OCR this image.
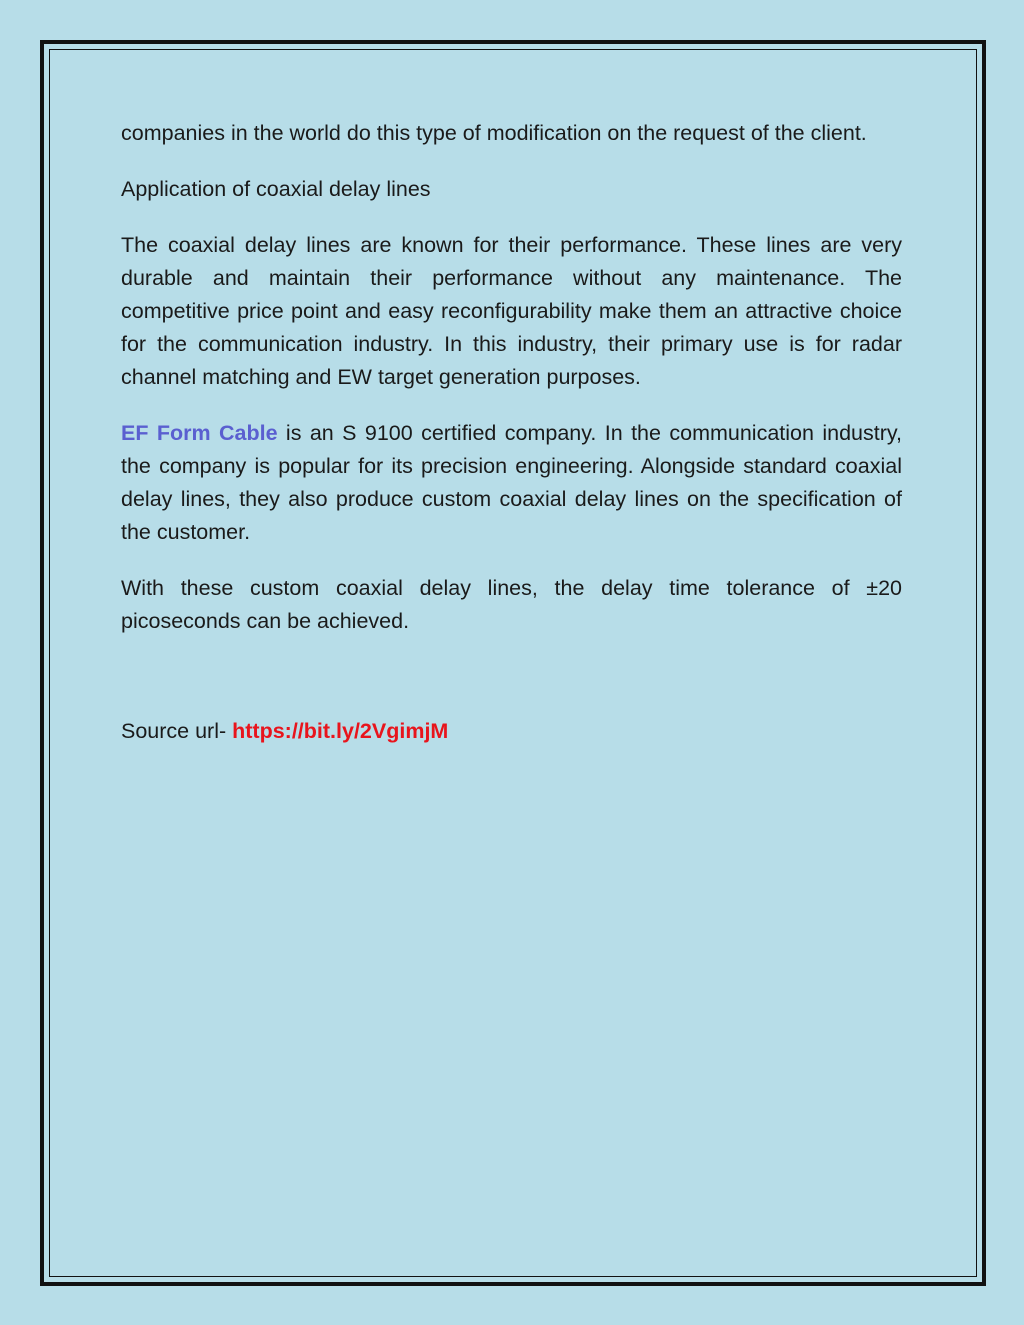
companies in the world do this type of modification on the request of the client.

Application of coaxial delay lines

The coaxial delay lines are known for their performance. These lines are very durable and maintain their performance without any maintenance. The competitive price point and easy reconfigurability make them an attractive choice for the communication industry. In this industry, their primary use is for radar channel matching and EW target generation purposes.

EF Form Cable is an S 9100 certified company. In the communication industry, the company is popular for its precision engineering. Alongside standard coaxial delay lines, they also produce custom coaxial delay lines on the specification of the customer.

With these custom coaxial delay lines, the delay time tolerance of ±20 picoseconds can be achieved.

Source url- https://bit.ly/2VgimjM
